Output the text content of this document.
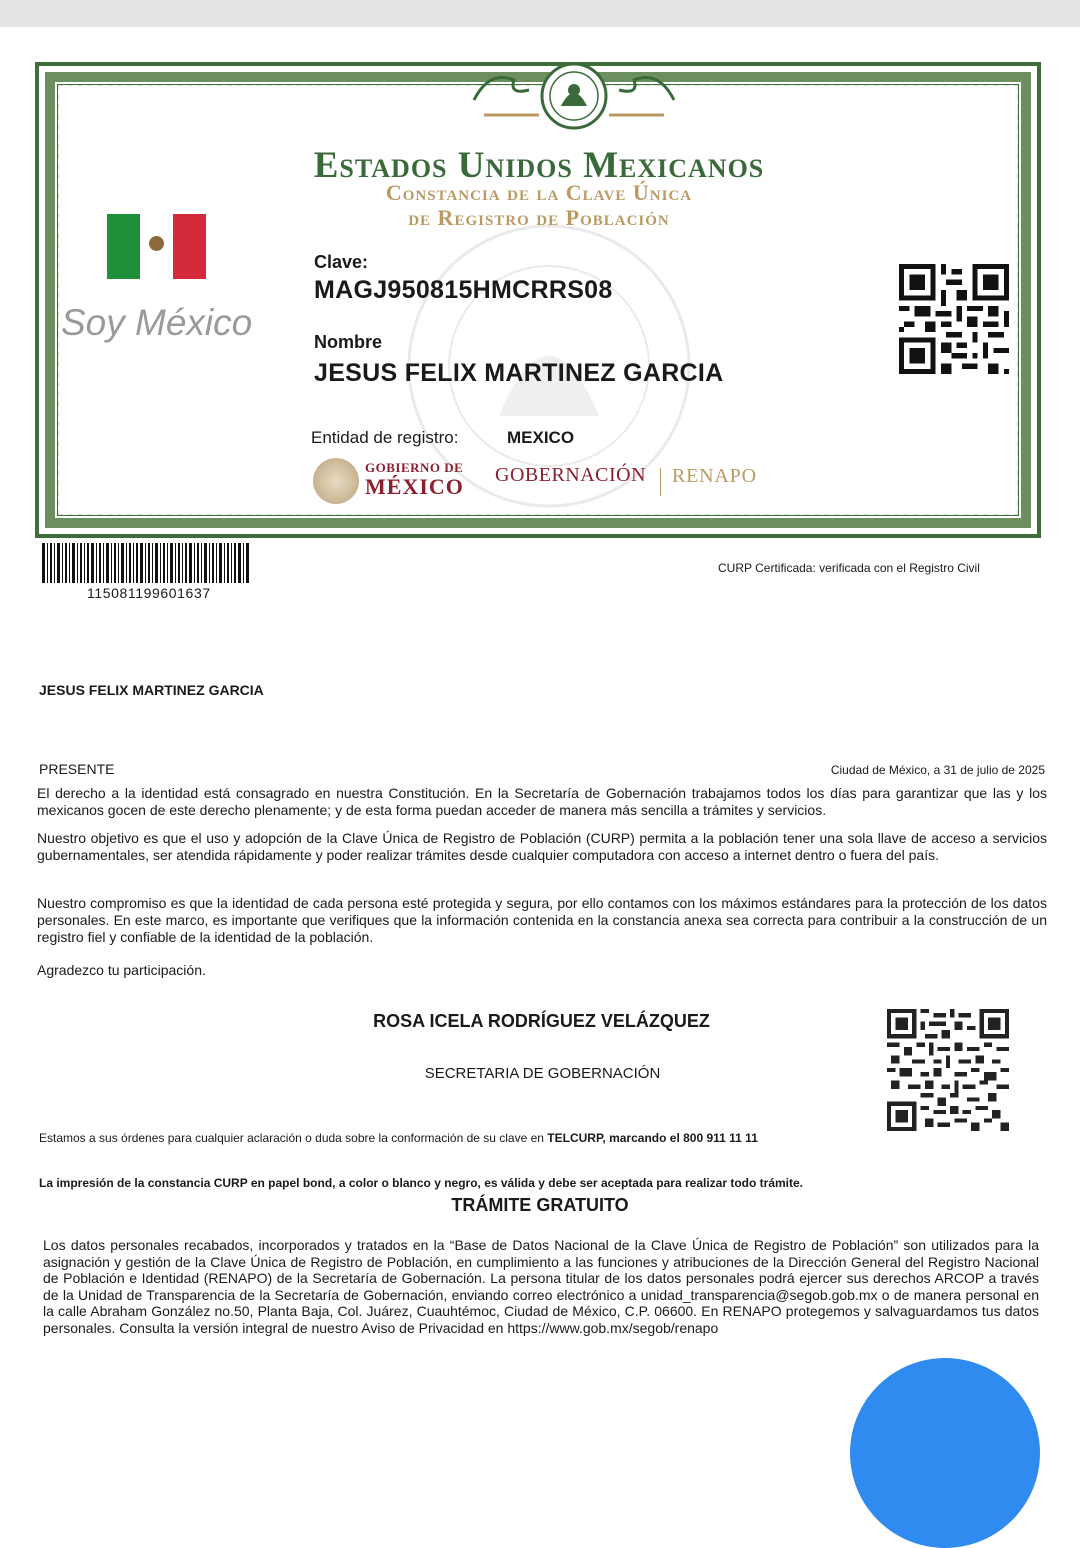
Estados Unidos Mexicanos
Constancia de la Clave Única
de Registro de Población
Soy México
Clave:
MAGJ950815HMCRRS08
Nombre
JESUS FELIX MARTINEZ GARCIA
Entidad de registro:	MEXICO
GOBIERNO DE
MÉXICO GOBERNACIÓN RENAPO
115081199601637
CURP Certificada: verificada con el Registro Civil
JESUS FELIX MARTINEZ GARCIA
PRESENTE	Ciudad de México, a 31 de julio de 2025
El derecho a la identidad está consagrado en nuestra Constitución. En la Secretaría de Gobernación trabajamos todos los días para garantizar que las y los mexicanos gocen de este derecho plenamente; y de esta forma puedan acceder de manera más sencilla a trámites y servicios.
Nuestro objetivo es que el uso y adopción de la Clave Única de Registro de Población (CURP) permita a la población tener una sola llave de acceso a servicios gubernamentales, ser atendida rápidamente y poder realizar trámites desde cualquier computadora con acceso a internet dentro o fuera del país.
Nuestro compromiso es que la identidad de cada persona esté protegida y segura, por ello contamos con los máximos estándares para la protección de los datos personales. En este marco, es importante que verifiques que la información contenida en la constancia anexa sea correcta para contribuir a la construcción de un registro fiel y confiable de la identidad de la población.
Agradezco tu participación.
ROSA ICELA RODRÍGUEZ VELÁZQUEZ
SECRETARIA DE GOBERNACIÓN
Estamos a sus órdenes para cualquier aclaración o duda sobre la conformación de su clave en TELCURP, marcando el 800 911 11 11
La impresión de la constancia CURP en papel bond, a color o blanco y negro, es válida y debe ser aceptada para realizar todo trámite.
TRÁMITE GRATUITO
Los datos personales recabados, incorporados y tratados en la “Base de Datos Nacional de la Clave Única de Registro de Población” son utilizados para la asignación y gestión de la Clave Única de Registro de Población, en cumplimiento a las funciones y atribuciones de la Dirección General del Registro Nacional de Población e Identidad (RENAPO) de la Secretaría de Gobernación. La persona titular de los datos personales podrá ejercer sus derechos ARCOP a través de la Unidad de Transparencia de la Secretaría de Gobernación, enviando correo electrónico a unidad_transparencia@segob.gob.mx o de manera personal en la calle Abraham González no.50, Planta Baja, Col. Juárez, Cuauhtémoc, Ciudad de México, C.P. 06600. En RENAPO protegemos y salvaguardamos tus datos personales. Consulta la versión integral de nuestro Aviso de Privacidad en https://www.gob.mx/segob/renapo
